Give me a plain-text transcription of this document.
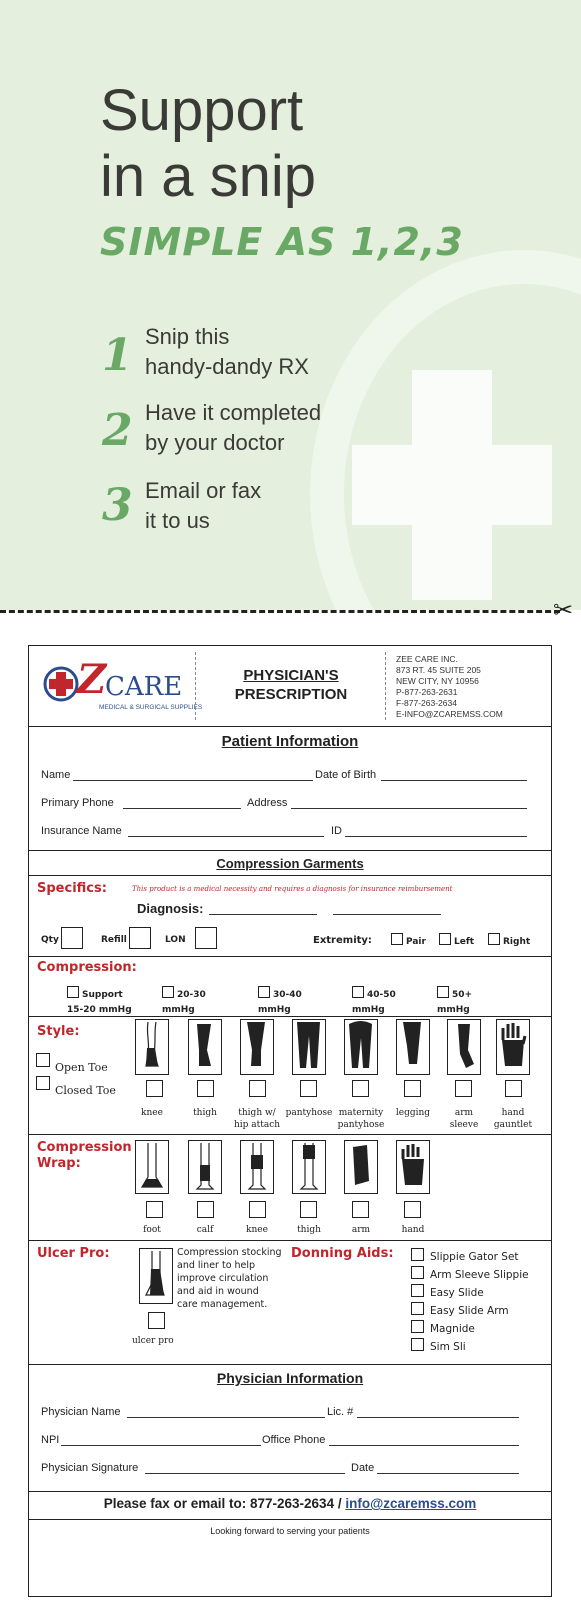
Support
in a snip
SIMPLE AS 1,2,3
1 Snip this
handy-dandy RX
2 Have it completed
by your doctor
3 Email or fax
it to us
✂
Z
CARE
MEDICAL & SURGICAL SUPPLIES
PHYSICIAN'S
PRESCRIPTION
ZEE CARE INC.
873 RT. 45 SUITE 205
NEW CITY, NY 10956
P-877-263-2631
F-877-263-2634
E-INFO@ZCAREMSS.COM
Patient Information
Name	Date of Birth
Primary Phone	Address
Insurance Name	ID
Compression Garments
Specifics:	This product is a medical necessity and requires a diagnosis for insurance reimbursement
Diagnosis:
Qty	Refill	LON	Extremity:	Pair	Left	Right
Compression:
Support
15-20 mmHg
20-30
mmHg
30-40
mmHg
40-50
mmHg
50+
mmHg
Style:
Open Toe
Closed Toe
knee	thigh	thigh w/
hip attach
pantyhose maternity
pantyhose
legging	arm
sleeve
hand
gauntlet
Compression
Wrap:
foot	calf	knee	thigh	arm	hand
Ulcer Pro:	Compression stocking
and liner to help
improve circulation
and aid in wound
care management.
ulcer pro
Donning Aids:	Slippie Gator Set
Arm Sleeve Slippie
Easy Slide
Easy Slide Arm
Magnide
Sim Sli
Physician Information
Physician Name	Lic. #
NPI	Office Phone
Physician Signature	Date
Please fax or email to: 877-263-2634 / info@zcaremss.com
Looking forward to serving your patients
